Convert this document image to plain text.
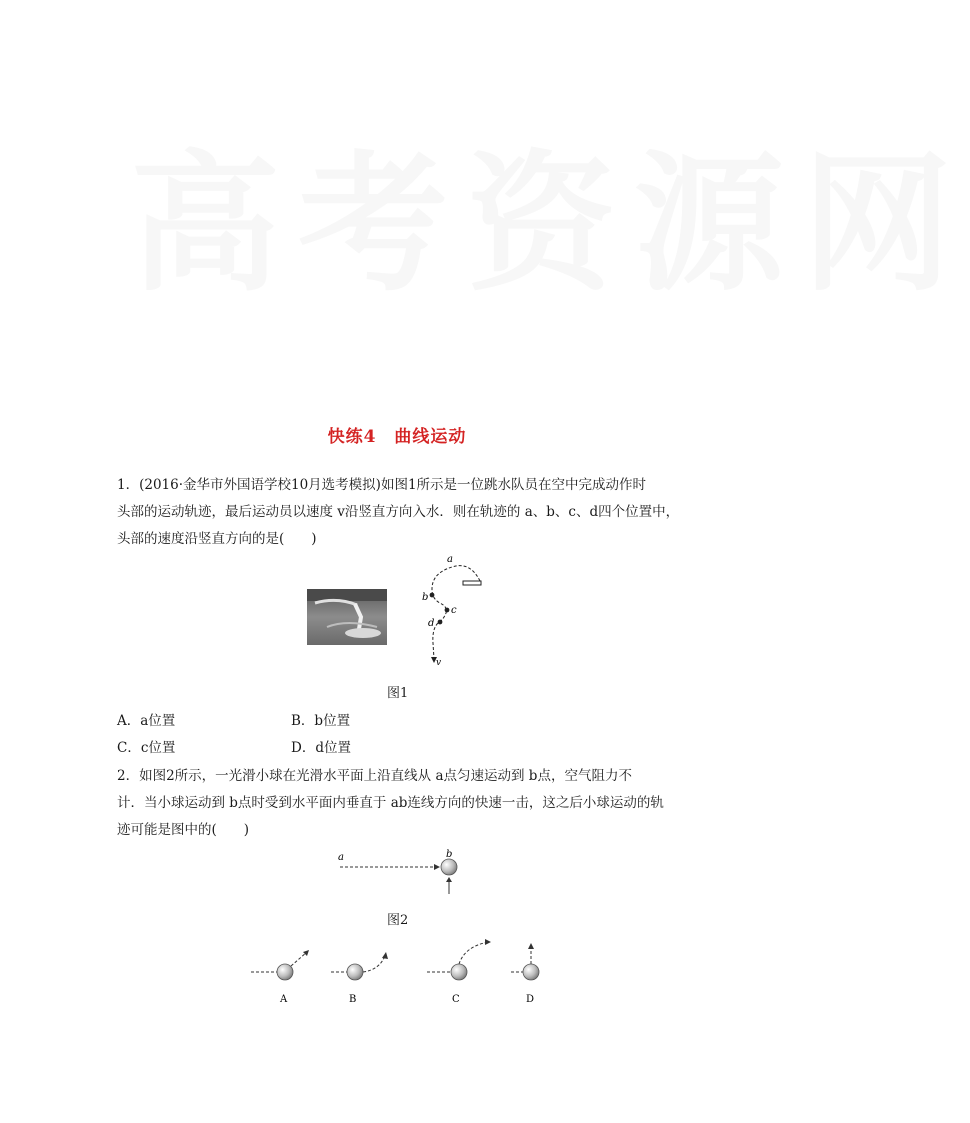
高考资源网
快练4　曲线运动
1．(2016·金华市外国语学校10月选考模拟)如图1所示是一位跳水队员在空中完成动作时
头部的运动轨迹，最后运动员以速度 v沿竖直方向入水．则在轨迹的 a、b、c、d四个位置中，
头部的速度沿竖直方向的是(　　)
a
b
c
d
v
图1
A．a位置	B．b位置
C．c位置	D．d位置
2．如图2所示，一光滑小球在光滑水平面上沿直线从 a点匀速运动到 b点，空气阻力不
计．当小球运动到 b点时受到水平面内垂直于 ab连线方向的快速一击，这之后小球运动的轨
迹可能是图中的(　　)
a	b
图2
A	B	C	D
